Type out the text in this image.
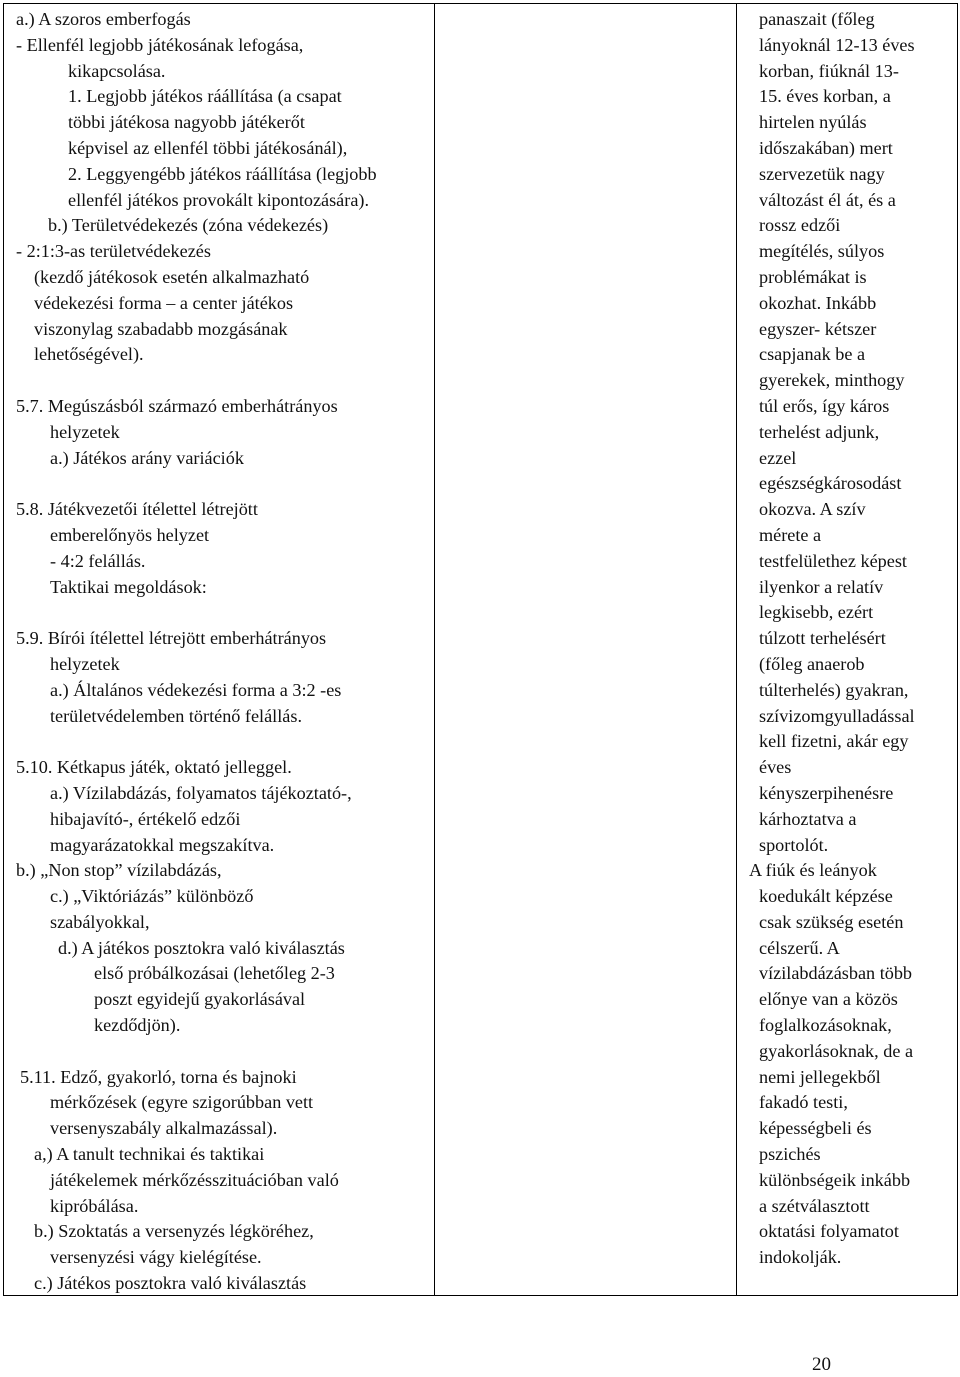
a.) A szoros emberfogás
- Ellenfél legjobb játékosának lefogása,
kikapcsolása.
1. Legjobb játékos ráállítása (a csapat
többi játékosa nagyobb játékerőt
képvisel az ellenfél többi játékosánál),
2. Leggyengébb játékos ráállítása (legjobb
ellenfél játékos provokált kipontozására).
b.) Területvédekezés (zóna védekezés)
- 2:1:3-as területvédekezés
(kezdő játékosok esetén alkalmazható
védekezési forma – a center játékos
viszonylag szabadabb mozgásának
lehetőségével).
5.7. Megúszásból származó emberhátrányos
helyzetek
a.) Játékos arány variációk
5.8. Játékvezetői ítélettel létrejött
emberelőnyös helyzet
- 4:2 felállás.
Taktikai megoldások:
5.9. Bírói ítélettel létrejött emberhátrányos
helyzetek
a.) Általános védekezési forma a 3:2 -es
területvédelemben történő felállás.
5.10. Kétkapus játék, oktató jelleggel.
a.) Vízilabdázás, folyamatos tájékoztató-,
hibajavító-, értékelő edzői
magyarázatokkal megszakítva.
b.) „Non stop” vízilabdázás,
c.) „Viktóriázás” különböző
szabályokkal,
d.) A játékos posztokra való kiválasztás
első próbálkozásai (lehetőleg 2-3
poszt egyidejű gyakorlásával
kezdődjön).
5.11. Edző, gyakorló, torna és bajnoki
mérkőzések (egyre szigorúbban vett
versenyszabály alkalmazással).
a,) A tanult technikai és taktikai
játékelemek mérkőzésszituációban való
kipróbálása.
b.) Szoktatás a versenyzés légköréhez,
versenyzési vágy kielégítése.
c.) Játékos posztokra való kiválasztás
panaszait (főleg
lányoknál 12-13 éves
korban, fiúknál 13-
15. éves korban, a
hirtelen nyúlás
időszakában) mert
szervezetük nagy
változást él át, és a
rossz edzői
megítélés, súlyos
problémákat is
okozhat. Inkább
egyszer- kétszer
csapjanak be a
gyerekek, minthogy
túl erős, így káros
terhelést adjunk,
ezzel
egészségkárosodást
okozva. A szív
mérete a
testfelülethez képest
ilyenkor a relatív
legkisebb, ezért
túlzott terhelésért
(főleg anaerob
túlterhelés) gyakran,
szívizomgyulladással
kell fizetni, akár egy
éves
kényszerpihenésre
kárhoztatva a
sportolót.
A fiúk és leányok
koedukált képzése
csak szükség esetén
célszerű. A
vízilabdázásban több
előnye van a közös
foglalkozásoknak,
gyakorlásoknak, de a
nemi jellegekből
fakadó testi,
képességbeli és
pszichés
különbségeik inkább
a szétválasztott
oktatási folyamatot
indokolják.
20
